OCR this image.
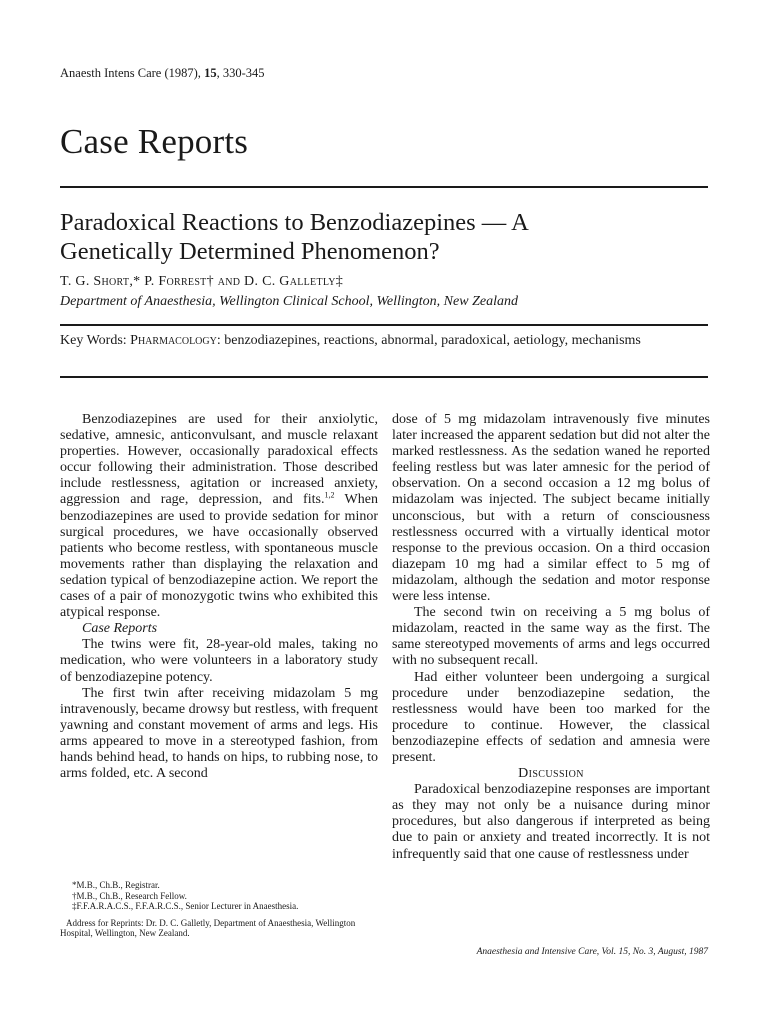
Anaesth Intens Care (1987), 15, 330-345
Case Reports
Paradoxical Reactions to Benzodiazepines — A
Genetically Determined Phenomenon?
T. G. Short,* P. Forrest† and D. C. Galletly‡
Department of Anaesthesia, Wellington Clinical School, Wellington, New Zealand
Key Words: Pharmacology: benzodiazepines, reactions, abnormal, paradoxical, aetiology, mechanisms

Benzodiazepines are used for their anxiolytic, sedative, amnesic, anticonvulsant, and muscle relaxant properties. However, occasionally paradoxical effects occur following their administration. Those described include restlessness, agitation or increased anxiety, aggression and rage, depression, and fits.$^{1,2}$ When benzodiazepines are used to provide sedation for minor surgical procedures, we have occasionally observed patients who become restless, with spontaneous muscle movements rather than displaying the relaxation and sedation typical of benzodiazepine action. We report the cases of a pair of monozygotic twins who exhibited this atypical response.

Case Reports

The twins were fit, 28-year-old males, taking no medication, who were volunteers in a laboratory study of benzodiazepine potency.

The first twin after receiving midazolam 5 mg intravenously, became drowsy but restless, with frequent yawning and constant movement of arms and legs. His arms appeared to move in a stereotyped fashion, from hands behind head, to hands on hips, to rubbing nose, to arms folded, etc. A second

dose of 5 mg midazolam intravenously five minutes later increased the apparent sedation but did not alter the marked restlessness. As the sedation waned he reported feeling restless but was later amnesic for the period of observation. On a second occasion a 12 mg bolus of midazolam was injected. The subject became initially unconscious, but with a return of consciousness restlessness occurred with a virtually identical motor response to the previous occasion. On a third occasion diazepam 10 mg had a similar effect to 5 mg of midazolam, although the sedation and motor response were less intense.

The second twin on receiving a 5 mg bolus of midazolam, reacted in the same way as the first. The same stereotyped movements of arms and legs occurred with no subsequent recall.

Had either volunteer been undergoing a surgical procedure under benzodiazepine sedation, the restlessness would have been too marked for the procedure to continue. However, the classical benzodiazepine effects of sedation and amnesia were present.

Discussion

Paradoxical benzodiazepine responses are important as they may not only be a nuisance during minor procedures, but also dangerous if interpreted as being due to pain or anxiety and treated incorrectly. It is not infrequently said that one cause of restlessness under

*M.B., Ch.B., Registrar.
†M.B., Ch.B., Research Fellow.
‡F.F.A.R.A.C.S., F.F.A.R.C.S., Senior Lecturer in Anaesthesia.
Address for Reprints: Dr. D. C. Galletly, Department of Anaesthesia, Wellington Hospital, Wellington, New Zealand.
Anaesthesia and Intensive Care, Vol. 15, No. 3, August, 1987
